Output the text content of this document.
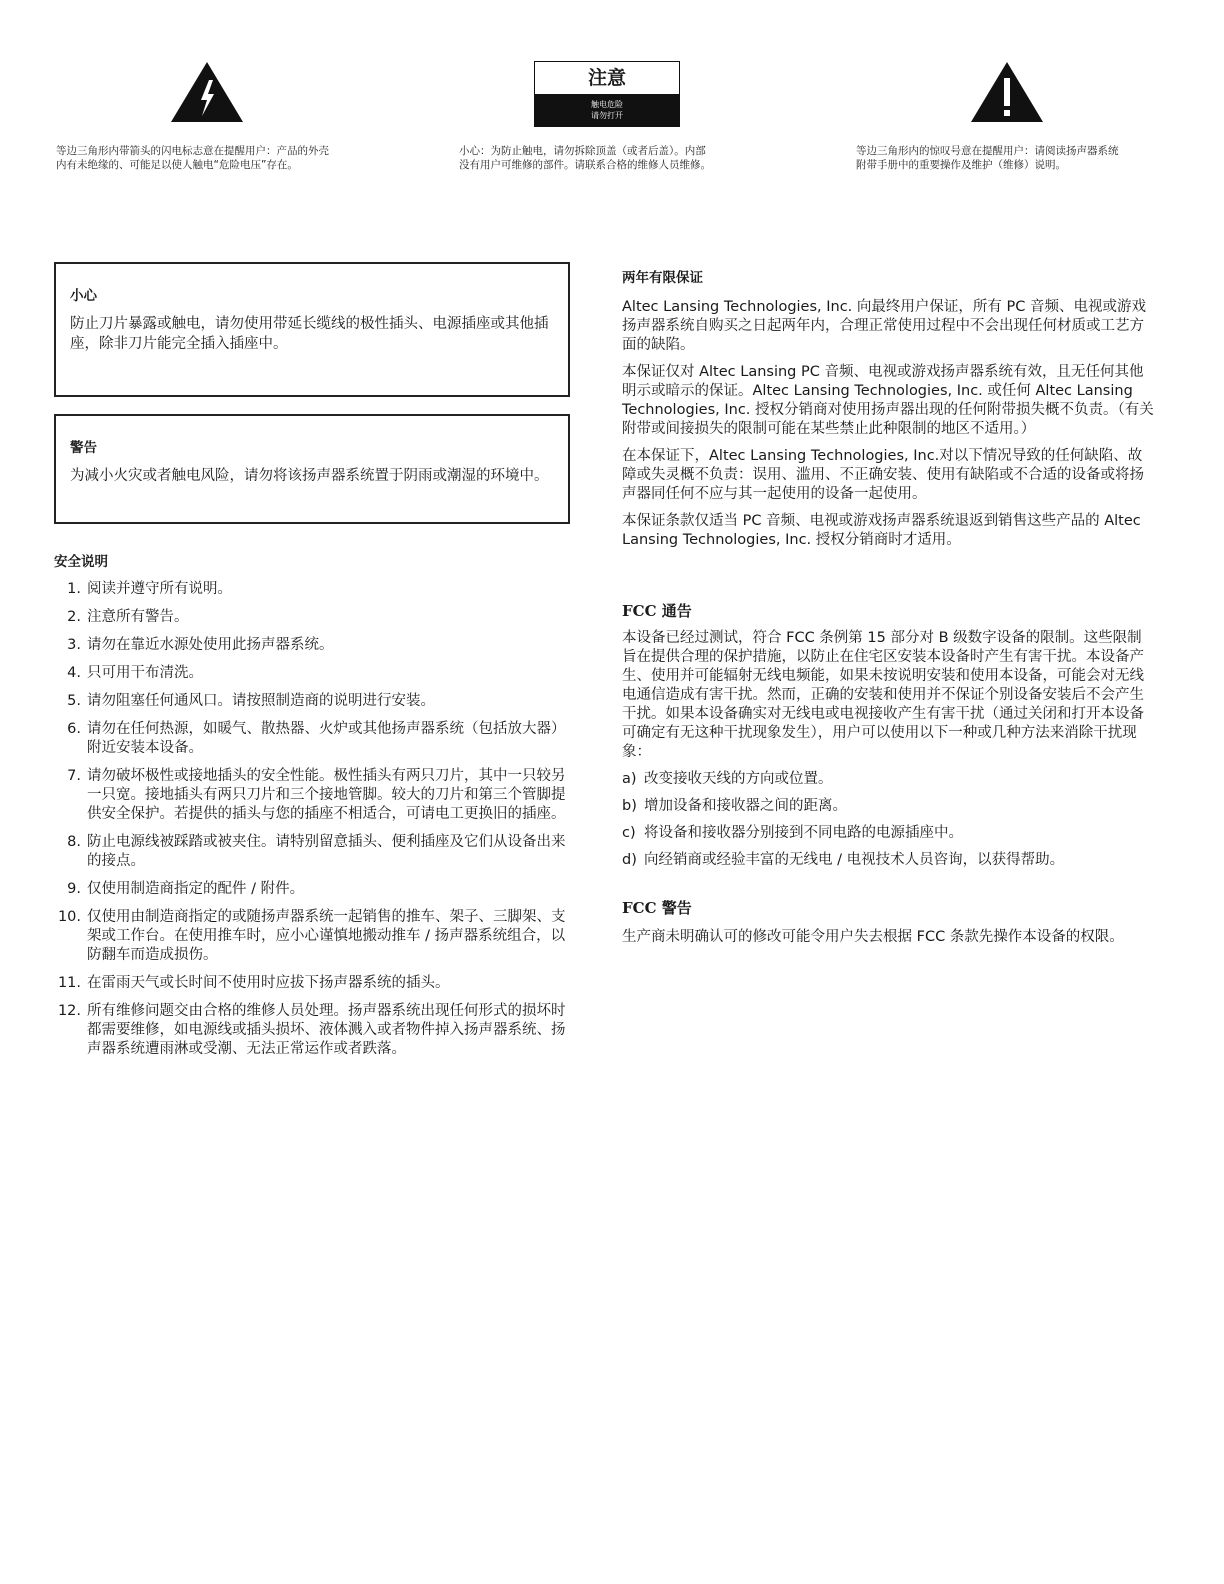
等边三角形内带箭头的闪电标志意在提醒用户：产品的外壳
内有未绝缘的、可能足以使人触电“危险电压”存在。
注意
触电危险
请勿打开
小心：为防止触电，请勿拆除顶盖（或者后盖）。内部
没有用户可维修的部件。请联系合格的维修人员维修。
等边三角形内的惊叹号意在提醒用户：请阅读扬声器系统
附带手册中的重要操作及维护（维修）说明。
小心
防止刀片暴露或触电，请勿使用带延长缆线的极性插头、电源插座或其他插座，除非刀片能完全插入插座中。
警告
为减小火灾或者触电风险，请勿将该扬声器系统置于阴雨或潮湿的环境中。
安全说明
1. 阅读并遵守所有说明。
2. 注意所有警告。
3. 请勿在靠近水源处使用此扬声器系统。
4. 只可用干布清洗。
5. 请勿阻塞任何通风口。请按照制造商的说明进行安装。
6. 请勿在任何热源，如暖气、散热器、火炉或其他扬声器系统（包括放大器）附近安装本设备。
7. 请勿破坏极性或接地插头的安全性能。极性插头有两只刀片，其中一只较另一只宽。接地插头有两只刀片和三个接地管脚。较大的刀片和第三个管脚提供安全保护。若提供的插头与您的插座不相适合，可请电工更换旧的插座。
8. 防止电源线被踩踏或被夹住。请特别留意插头、便利插座及它们从设备出来的接点。
9. 仅使用制造商指定的配件 / 附件。
10. 仅使用由制造商指定的或随扬声器系统一起销售的推车、架子、三脚架、支架或工作台。在使用推车时，应小心谨慎地搬动推车 / 扬声器系统组合，以防翻车而造成损伤。
11. 在雷雨天气或长时间不使用时应拔下扬声器系统的插头。
12. 所有维修问题交由合格的维修人员处理。扬声器系统出现任何形式的损坏时都需要维修，如电源线或插头损坏、液体溅入或者物件掉入扬声器系统、扬声器系统遭雨淋或受潮、无法正常运作或者跌落。
两年有限保证

Altec Lansing Technologies, Inc. 向最终用户保证，所有 PC 音频、电视或游戏扬声器系统自购买之日起两年内，合理正常使用过程中不会出现任何材质或工艺方面的缺陷。

本保证仅对 Altec Lansing PC 音频、电视或游戏扬声器系统有效，且无任何其他明示或暗示的保证。Altec Lansing Technologies, Inc. 或任何 Altec Lansing Technologies, Inc. 授权分销商对使用扬声器出现的任何附带损失概不负责。（有关附带或间接损失的限制可能在某些禁止此种限制的地区不适用。）

在本保证下，Altec Lansing Technologies, Inc.对以下情况导致的任何缺陷、故障或失灵概不负责：误用、滥用、不正确安装、使用有缺陷或不合适的设备或将扬声器同任何不应与其一起使用的设备一起使用。

本保证条款仅适当 PC 音频、电视或游戏扬声器系统退返到销售这些产品的 Altec Lansing Technologies, Inc. 授权分销商时才适用。

FCC 通告

本设备已经过测试，符合 FCC 条例第 15 部分对 B 级数字设备的限制。这些限制旨在提供合理的保护措施，以防止在住宅区安装本设备时产生有害干扰。本设备产生、使用并可能辐射无线电频能，如果未按说明安装和使用本设备，可能会对无线电通信造成有害干扰。然而，正确的安装和使用并不保证个别设备安装后不会产生干扰。如果本设备确实对无线电或电视接收产生有害干扰（通过关闭和打开本设备可确定有无这种干扰现象发生），用户可以使用以下一种或几种方法来消除干扰现象：

a) 改变接收天线的方向或位置。
b) 增加设备和接收器之间的距离。
c) 将设备和接收器分别接到不同电路的电源插座中。
d) 向经销商或经验丰富的无线电 / 电视技术人员咨询，以获得帮助。
FCC 警告

生产商未明确认可的修改可能令用户失去根据 FCC 条款先操作本设备的权限。
